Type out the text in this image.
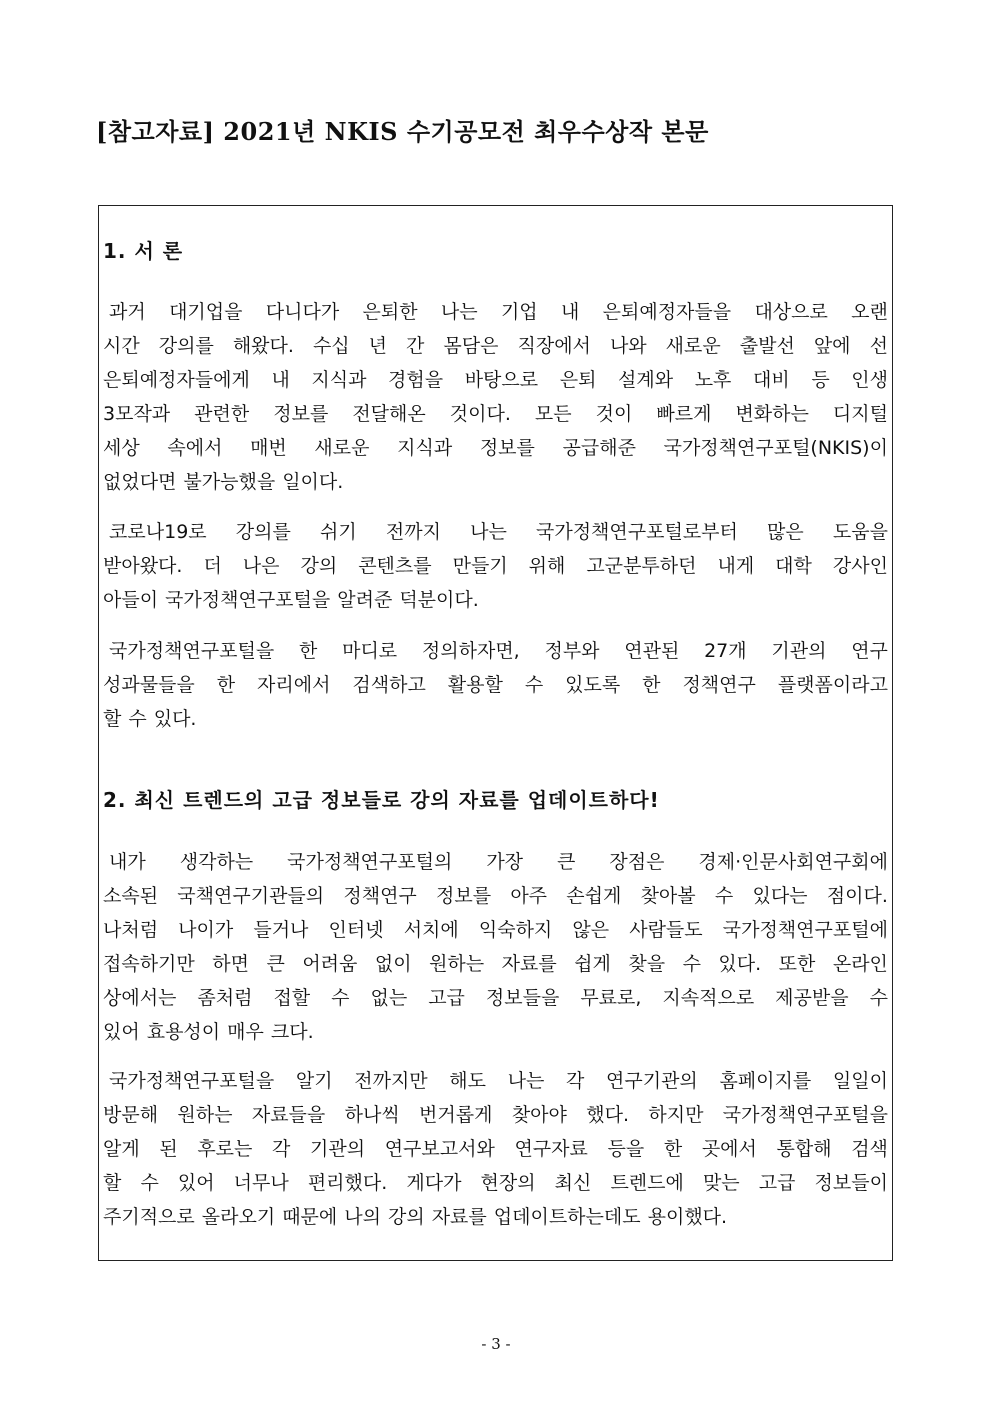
[참고자료] 2021년 NKIS 수기공모전 최우수상작 본문
1. 서 론
과거 대기업을 다니다가 은퇴한 나는 기업 내 은퇴예정자들을 대상으로 오랜
시간 강의를 해왔다. 수십 년 간 몸담은 직장에서 나와 새로운 출발선 앞에 선
은퇴예정자들에게 내 지식과 경험을 바탕으로 은퇴 설계와 노후 대비 등 인생
3모작과 관련한 정보를 전달해온 것이다. 모든 것이 빠르게 변화하는 디지털
세상 속에서 매번 새로운 지식과 정보를 공급해준 국가정책연구포털(NKIS)이
없었다면 불가능했을 일이다.
코로나19로 강의를 쉬기 전까지 나는 국가정책연구포털로부터 많은 도움을
받아왔다. 더 나은 강의 콘텐츠를 만들기 위해 고군분투하던 내게 대학 강사인
아들이 국가정책연구포털을 알려준 덕분이다.
국가정책연구포털을 한 마디로 정의하자면, 정부와 연관된 27개 기관의 연구
성과물들을 한 자리에서 검색하고 활용할 수 있도록 한 정책연구 플랫폼이라고
할 수 있다.
2. 최신 트렌드의 고급 정보들로 강의 자료를 업데이트하다!
내가 생각하는 국가정책연구포털의 가장 큰 장점은 경제·인문사회연구회에
소속된 국책연구기관들의 정책연구 정보를 아주 손쉽게 찾아볼 수 있다는 점이다.
나처럼 나이가 들거나 인터넷 서치에 익숙하지 않은 사람들도 국가정책연구포털에
접속하기만 하면 큰 어려움 없이 원하는 자료를 쉽게 찾을 수 있다. 또한 온라인
상에서는 좀처럼 접할 수 없는 고급 정보들을 무료로, 지속적으로 제공받을 수
있어 효용성이 매우 크다.
국가정책연구포털을 알기 전까지만 해도 나는 각 연구기관의 홈페이지를 일일이
방문해 원하는 자료들을 하나씩 번거롭게 찾아야 했다. 하지만 국가정책연구포털을
알게 된 후로는 각 기관의 연구보고서와 연구자료 등을 한 곳에서 통합해 검색
할 수 있어 너무나 편리했다. 게다가 현장의 최신 트렌드에 맞는 고급 정보들이
주기적으로 올라오기 때문에 나의 강의 자료를 업데이트하는데도 용이했다.
- 3 -
